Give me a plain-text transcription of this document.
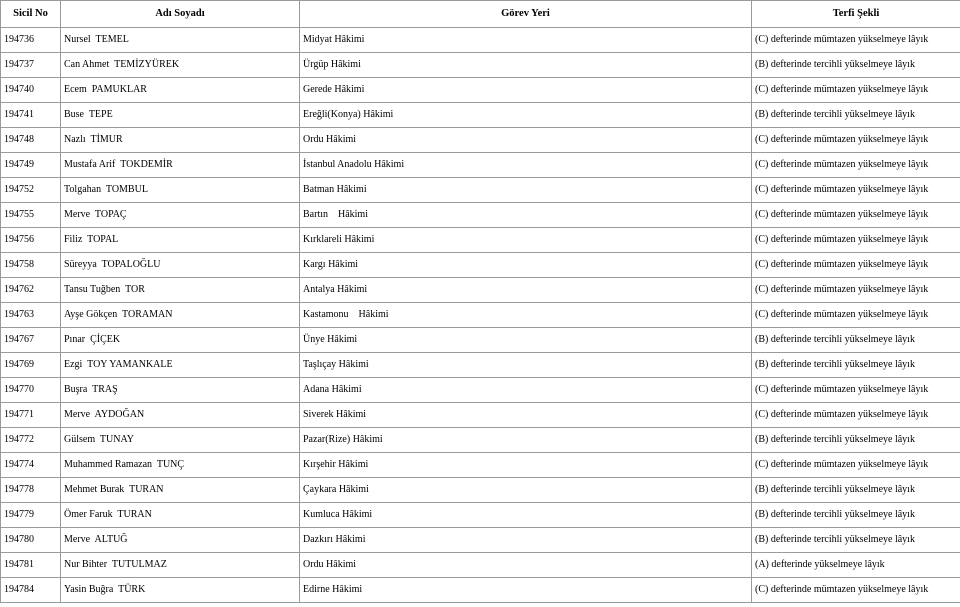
Sicil No	Adı Soyadı	Görev Yeri	Terfi Şekli
194736	Nursel  TEMEL	Midyat Hâkimi	(C) defterinde mümtazen yükselmeye lâyık
194737	Can Ahmet  TEMİZYÜREK	Ürgüp Hâkimi	(B) defterinde tercihli yükselmeye lâyık
194740	Ecem  PAMUKLAR	Gerede Hâkimi	(C) defterinde mümtazen yükselmeye lâyık
194741	Buse  TEPE	Ereğli(Konya) Hâkimi	(B) defterinde tercihli yükselmeye lâyık
194748	Nazlı  TİMUR	Ordu Hâkimi	(C) defterinde mümtazen yükselmeye lâyık
194749	Mustafa Arif  TOKDEMİR	İstanbul Anadolu Hâkimi	(C) defterinde mümtazen yükselmeye lâyık
194752	Tolgahan  TOMBUL	Batman Hâkimi	(C) defterinde mümtazen yükselmeye lâyık
194755	Merve  TOPAÇ	Bartın    Hâkimi	(C) defterinde mümtazen yükselmeye lâyık
194756	Filiz  TOPAL	Kırklareli Hâkimi	(C) defterinde mümtazen yükselmeye lâyık
194758	Süreyya  TOPALOĞLU	Kargı Hâkimi	(C) defterinde mümtazen yükselmeye lâyık
194762	Tansu Tuğben  TOR	Antalya Hâkimi	(C) defterinde mümtazen yükselmeye lâyık
194763	Ayşe Gökçen  TORAMAN	Kastamonu    Hâkimi	(C) defterinde mümtazen yükselmeye lâyık
194767	Pınar  ÇİÇEK	Ünye Hâkimi	(B) defterinde tercihli yükselmeye lâyık
194769	Ezgi  TOY YAMANKALE	Taşlıçay Hâkimi	(B) defterinde tercihli yükselmeye lâyık
194770	Buşra  TRAŞ	Adana Hâkimi	(C) defterinde mümtazen yükselmeye lâyık
194771	Merve  AYDOĞAN	Siverek Hâkimi	(C) defterinde mümtazen yükselmeye lâyık
194772	Gülsem  TUNAY	Pazar(Rize) Hâkimi	(B) defterinde tercihli yükselmeye lâyık
194774	Muhammed Ramazan  TUNÇ	Kırşehir Hâkimi	(C) defterinde mümtazen yükselmeye lâyık
194778	Mehmet Burak  TURAN	Çaykara Hâkimi	(B) defterinde tercihli yükselmeye lâyık
194779	Ömer Faruk  TURAN	Kumluca Hâkimi	(B) defterinde tercihli yükselmeye lâyık
194780	Merve  ALTUĞ	Dazkırı Hâkimi	(B) defterinde tercihli yükselmeye lâyık
194781	Nur Bihter  TUTULMAZ	Ordu Hâkimi	(A) defterinde yükselmeye lâyık
194784	Yasin Buğra  TÜRK	Edirne Hâkimi	(C) defterinde mümtazen yükselmeye lâyık
